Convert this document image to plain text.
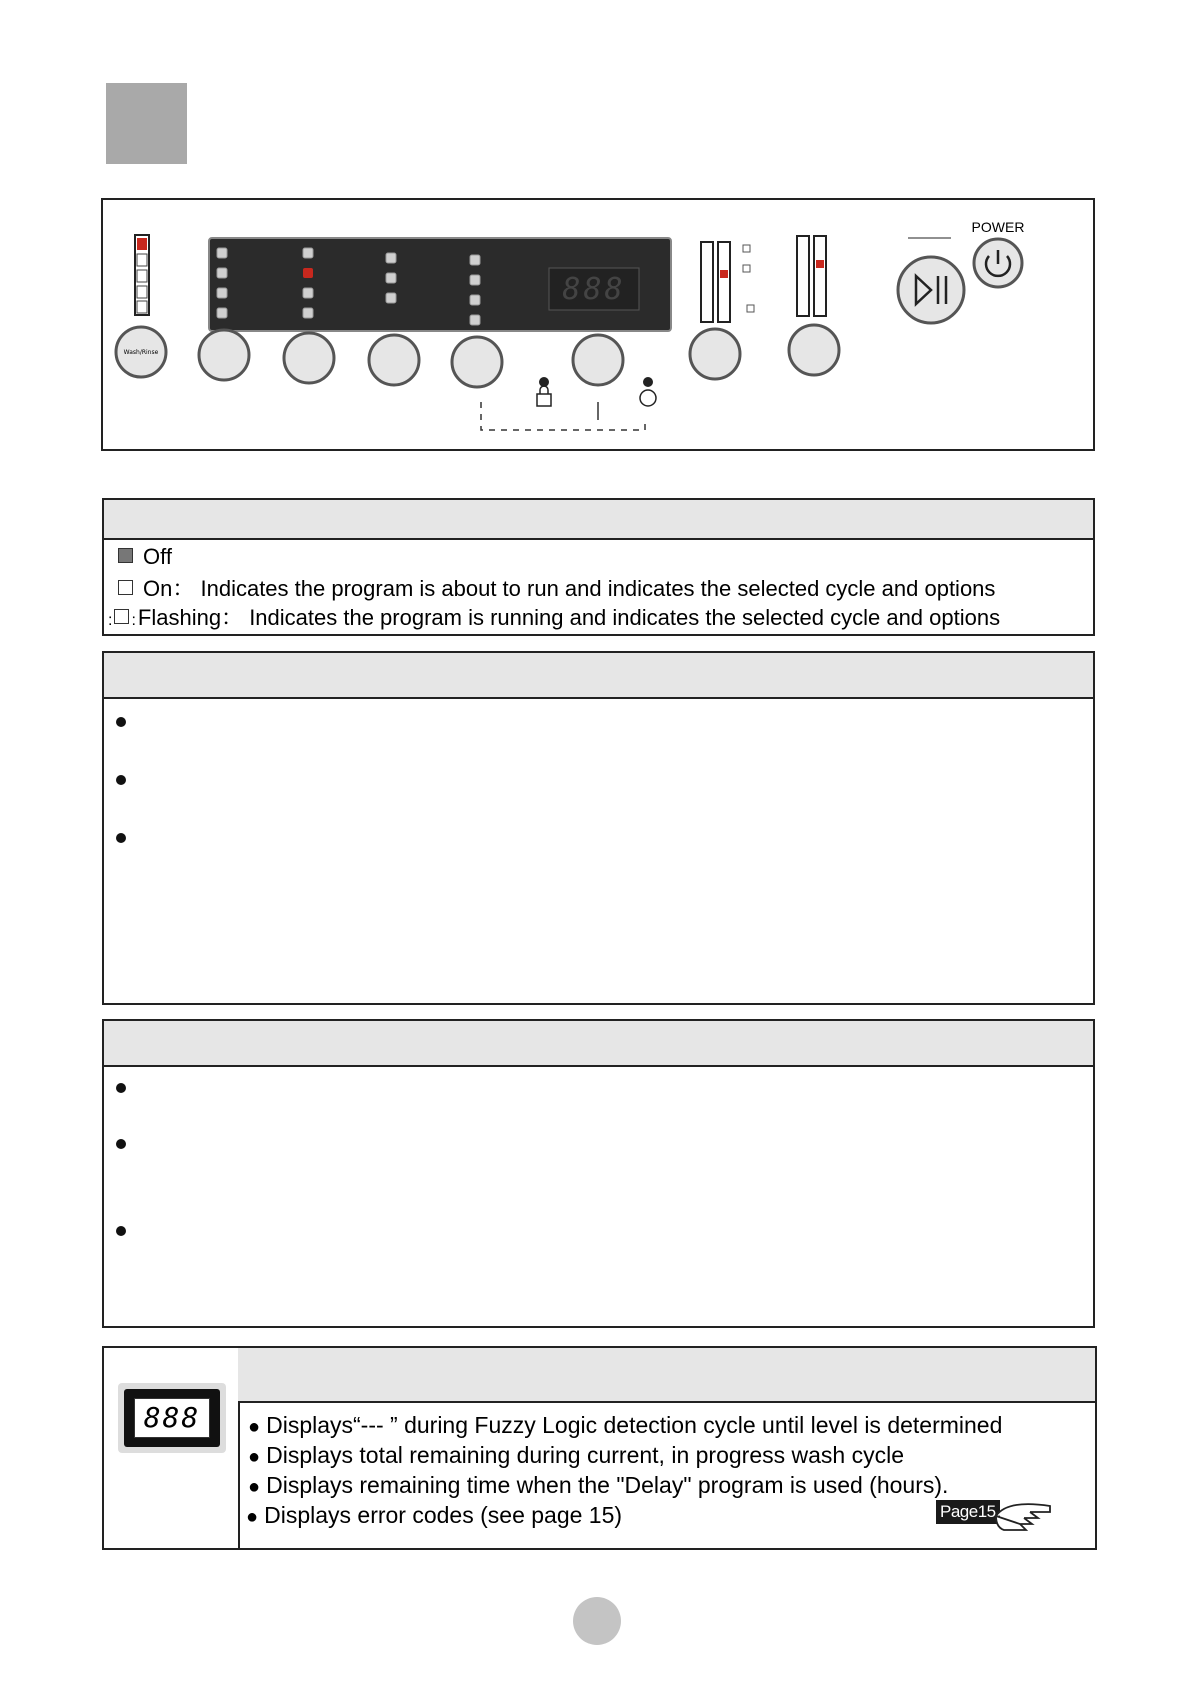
888
Wash/Rinse
POWER
Off
On： Indicates the program is about to run and indicates the selected cycle and options
: :Flashing： Indicates the program is running and indicates the selected cycle and options
888
●	Displays“--- ” during Fuzzy Logic detection cycle until level is determined
● Displays total remaining during current, in progress wash cycle
● Displays remaining time when the "Delay" program is used (hours).
● Displays error codes (see page 15)	Page15
